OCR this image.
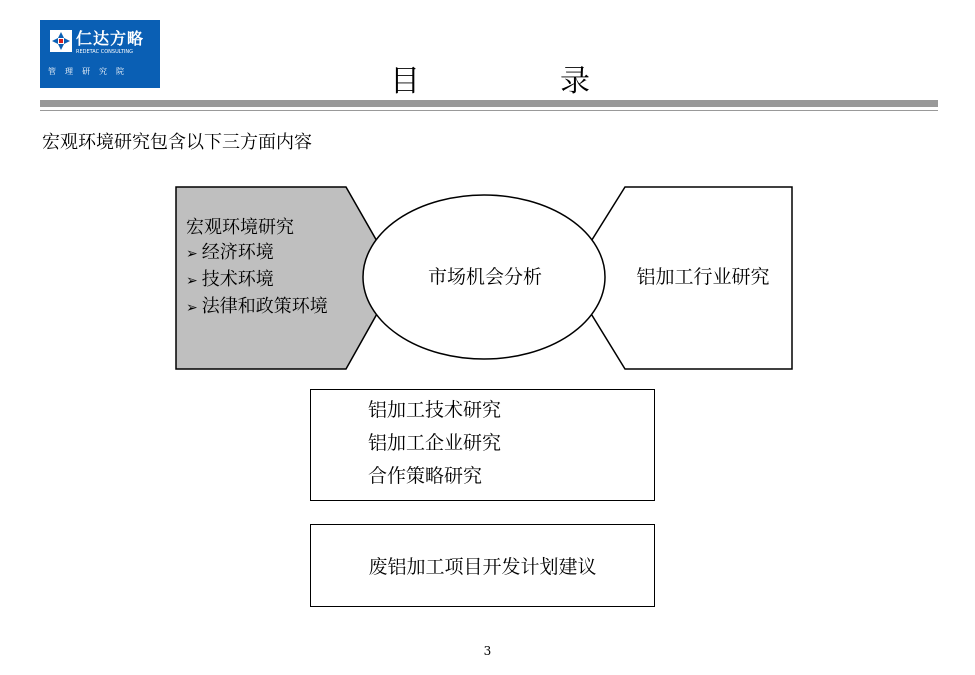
仁达方略
REDETAC CONSULTING
管理研究院	目	录
宏观环境研究包含以下三方面内容
宏观环境研究
➢ 经济环境
➢ 技术环境
➢ 法律和政策环境
市场机会分析	铝加工行业研究
铝加工技术研究
铝加工企业研究
合作策略研究
废铝加工项目开发计划建议
3
